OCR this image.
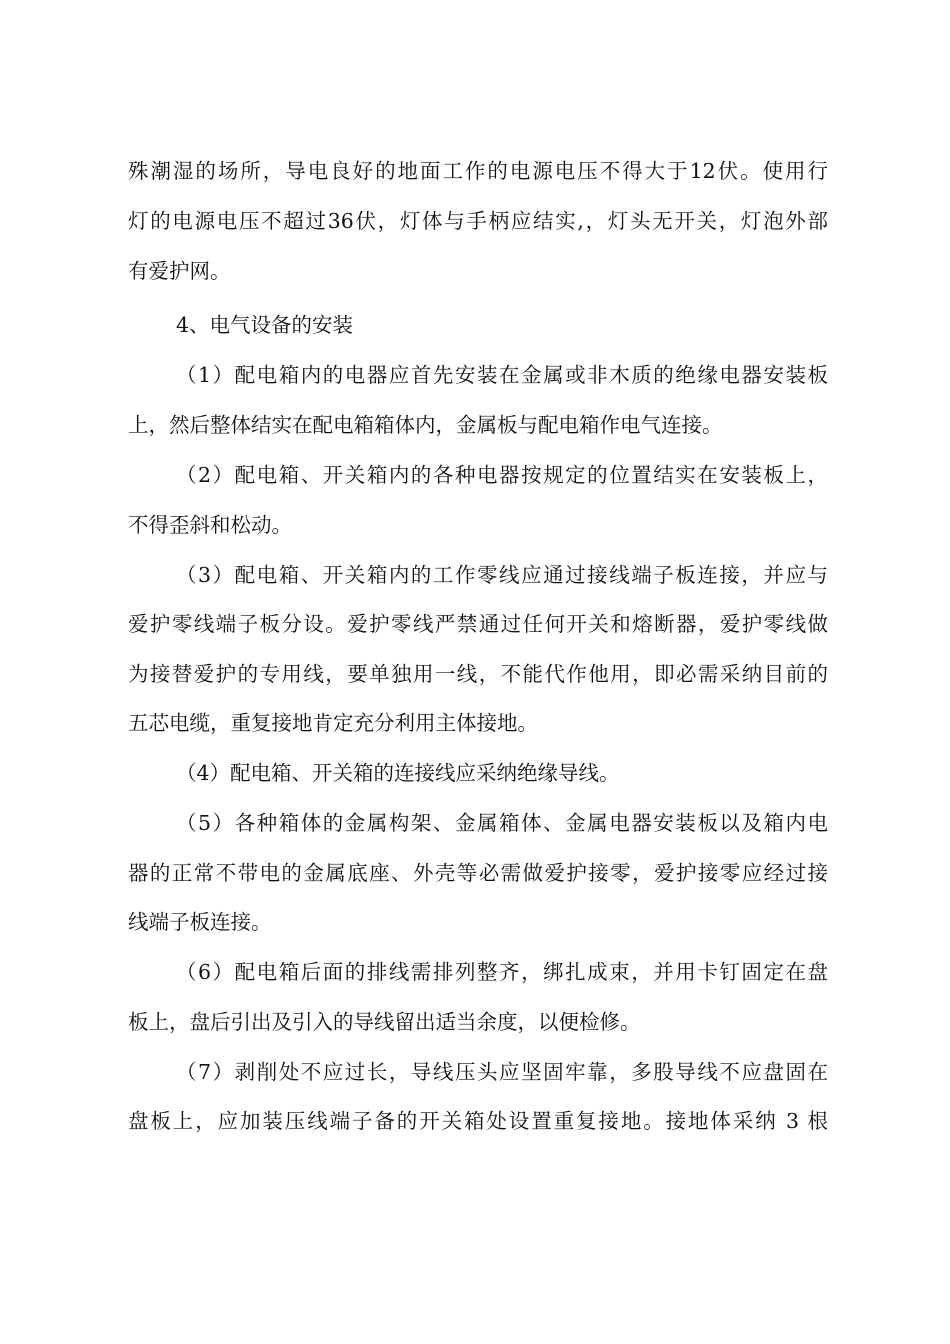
殊潮湿的场所，导电良好的地面工作的电源电压不得大于12伏。使用行
灯的电源电压不超过36伏，灯体与手柄应结实,，灯头无开关，灯泡外部
有爱护网。
4、电气设备的安装
（1）配电箱内的电器应首先安装在金属或非木质的绝缘电器安装板
上，然后整体结实在配电箱箱体内，金属板与配电箱作电气连接。
（2）配电箱、开关箱内的各种电器按规定的位置结实在安装板上，
不得歪斜和松动。
（3）配电箱、开关箱内的工作零线应通过接线端子板连接，并应与
爱护零线端子板分设。爱护零线严禁通过任何开关和熔断器，爱护零线做
为接替爱护的专用线，要单独用一线，不能代作他用，即必需采纳目前的
五芯电缆，重复接地肯定充分利用主体接地。
（4）配电箱、开关箱的连接线应采纳绝缘导线。
（5）各种箱体的金属构架、金属箱体、金属电器安装板以及箱内电
器的正常不带电的金属底座、外壳等必需做爱护接零，爱护接零应经过接
线端子板连接。
（6）配电箱后面的排线需排列整齐，绑扎成束，并用卡钉固定在盘
板上，盘后引出及引入的导线留出适当余度，以便检修。
（7）剥削处不应过长，导线压头应坚固牢靠，多股导线不应盘固在
盘板上，应加装压线端子备的开关箱处设置重复接地。接地体采纳 3 根
